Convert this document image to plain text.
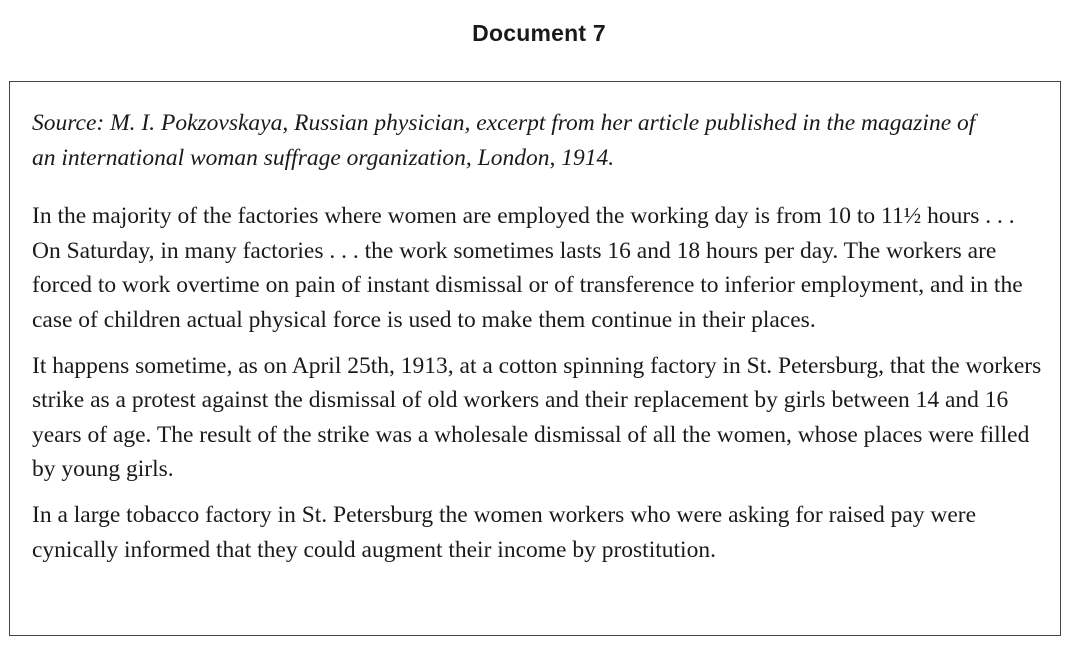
Document 7

Source: M. I. Pokzovskaya, Russian physician, excerpt from her article published in the magazine of an international woman suffrage organization, London, 1914.

In the majority of the factories where women are employed the working day is from 10 to 11½ hours . . . On Saturday, in many factories . . . the work sometimes lasts 16 and 18 hours per day. The workers are forced to work overtime on pain of instant dismissal or of transference to inferior employment, and in the case of children actual physical force is used to make them continue in their places.

It happens sometime, as on April 25th, 1913, at a cotton spinning factory in St. Petersburg, that the workers strike as a protest against the dismissal of old workers and their replacement by girls between 14 and 16 years of age. The result of the strike was a wholesale dismissal of all the women, whose places were filled by young girls.

In a large tobacco factory in St. Petersburg the women workers who were asking for raised pay were cynically informed that they could augment their income by prostitution.
